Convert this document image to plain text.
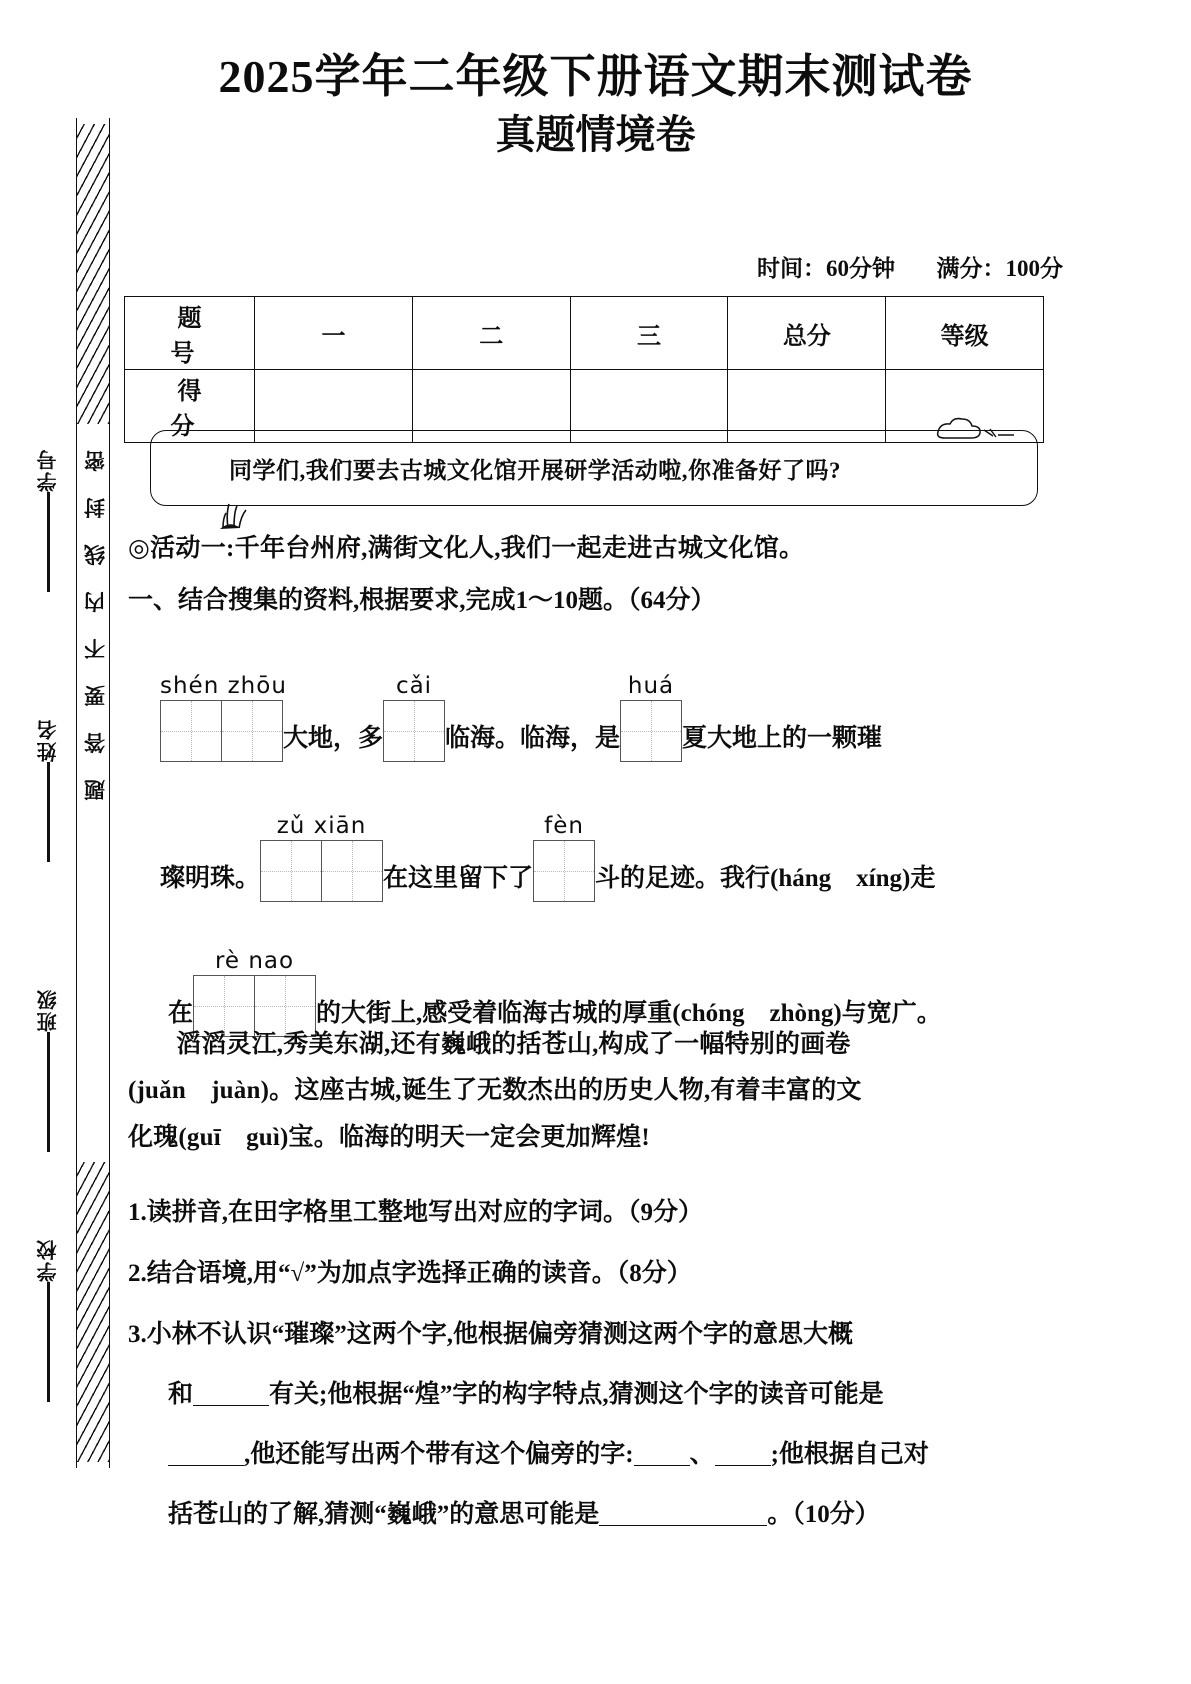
2025学年二年级下册语文期末测试卷
真题情境卷
密
封
线
内
不
要
答
题
学号
姓名
班级
学校
时间：60分钟 满分：100分
题　号	一	二	三	总分	等级
得　分					
同学们,我们要去古城文化馆开展研学活动啦,你准备好了吗?
◎活动一:千年台州府,满街文化人,我们一起走进古城文化馆。
一、结合搜集的资料,根据要求,完成1～10题。（64分）
shén zhōu
大地，多
cǎi
临海。临海，是
huá
夏大地上的一颗璀
璨明珠。
zǔ xiān
在这里留下了
fèn
斗的足迹。我行(háng　xíng)走
在
rè nao
的大街上,感受着临海古城的厚重(chóng　zhòng)与宽广。
滔滔灵江,秀美东湖,还有巍峨的括苍山,构成了一幅特别的画卷
(juǎn　juàn)。这座古城,诞生了无数杰出的历史人物,有着丰富的文
化瑰(guī　guì)宝。临海的明天一定会更加辉煌!
1.读拼音,在田字格里工整地写出对应的字词。（9分）
2.结合语境,用“√”为加点字选择正确的读音。（8分）
3.小林不认识“璀璨”这两个字,他根据偏旁猜测这两个字的意思大概
和	有关;他根据“煌”字的构字特点,猜测这个字的读音可能是
,他还能写出两个带有这个偏旁的字: 、 ;他根据自己对
括苍山的了解,猜测“巍峨”的意思可能是	。（10分）
